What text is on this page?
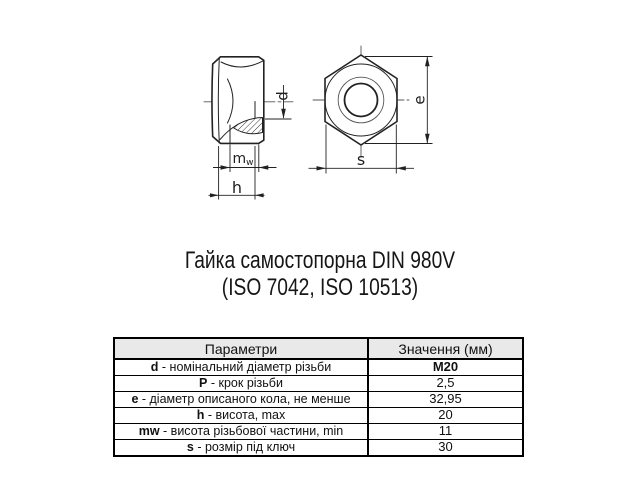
d	e
s
h
$m_w$
Гайка самостопорна DIN 980V
(ISO 7042, ISO 10513)
Параметри	Значення (мм)
d - номінальний діаметр різьби	M20
P - крок різьби	2,5
e - діаметр описаного кола, не менше	32,95
h - висота, max	20
mw - висота різьбової частини, min	11
s - розмір під ключ	30
